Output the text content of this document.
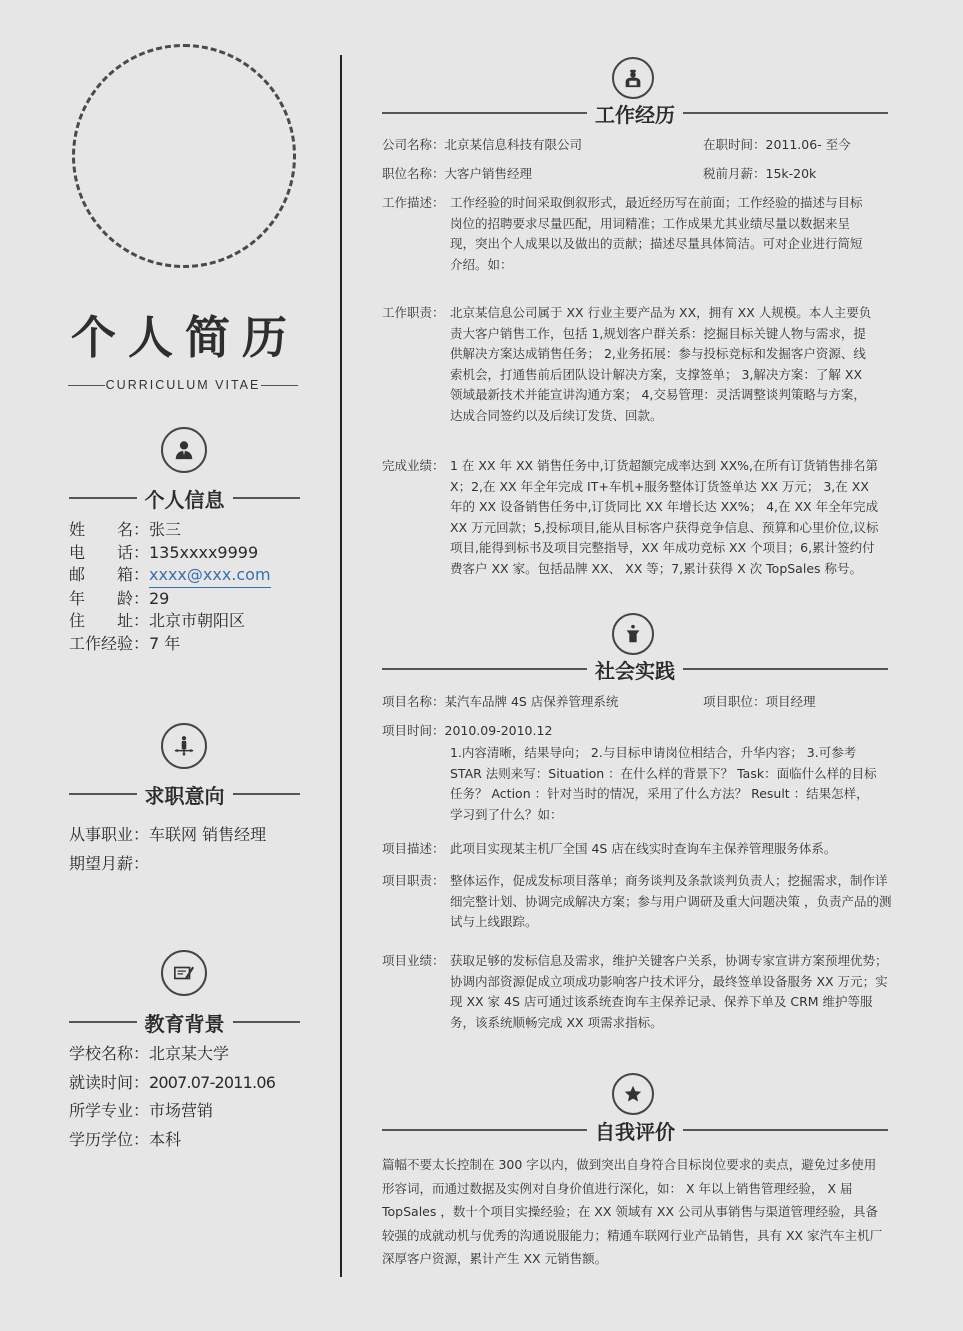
个人简历
CURRICULUM VITAE
个人信息
姓名 ： 张三
电话 ： 135xxxx9999
邮箱 ： xxxx@xxx.com
年龄 ： 29
住址 ： 北京市朝阳区
工作经验 ： 7 年
求职意向
从事职业 ： 车联网 销售经理
期望月薪 ：
教育背景
学校名称 ： 北京某大学
就读时间 ： 2007.07-2011.06
所学专业 ： 市场营销
学历学位 ： 本科
工作经历
公司名称：北京某信息科技有限公司	在职时间：2011.06- 至今
职位名称：大客户销售经理	税前月薪：15k-20k
工作描述： 工作经验的时间采取倒叙形式，最近经历写在前面；工作经验的描述与目标岗位的招聘要求尽量匹配，用词精准；工作成果尤其业绩尽量以数据来呈现，突出个人成果以及做出的贡献；描述尽量具体简洁。可对企业进行简短介绍。如：
工作职责： 北京某信息公司属于 XX 行业主要产品为 XX，拥有 XX 人规模。本人主要负责大客户销售工作，包括 1,规划客户群关系：挖掘目标关键人物与需求，提供解决方案达成销售任务； 2,业务拓展：参与投标竞标和发掘客户资源、线索机会，打通售前后团队设计解决方案，支撑签单； 3,解决方案：了解 XX 领域最新技术并能宣讲沟通方案； 4,交易管理：灵活调整谈判策略与方案，达成合同签约以及后续订发货、回款。
完成业绩： 1 在 XX 年 XX 销售任务中,订货超额完成率达到 XX%,在所有订货销售排名第 X；2,在 XX 年全年完成 IT+车机+服务整体订货签单达 XX 万元； 3,在 XX 年的 XX 设备销售任务中,订货同比 XX 年增长达 XX%； 4,在 XX 年全年完成 XX 万元回款；5,投标项目,能从目标客户获得竞争信息、预算和心里价位,议标项目,能得到标书及项目完整指导，XX 年成功竞标 XX 个项目；6,累计签约付费客户 XX 家。包括品牌 XX、 XX 等；7,累计获得 X 次 TopSales 称号。
社会实践
项目名称：某汽车品牌 4S 店保养管理系统	项目职位：项目经理
项目时间：2010.09-2010.12
1.内容清晰，结果导向； 2.与目标申请岗位相结合，升华内容； 3.可参考 STAR 法则来写：Situation ：在什么样的背景下？ Task：面临什么样的目标任务？ Action ：针对当时的情况，采用了什么方法？ Result ：结果怎样，学习到了什么？如：
项目描述： 此项目实现某主机厂全国 4S 店在线实时查询车主保养管理服务体系。
项目职责： 整体运作，促成发标项目落单；商务谈判及条款谈判负责人；挖掘需求，制作详细完整计划、协调完成解决方案；参与用户调研及重大问题决策 ，负责产品的测试与上线跟踪。
项目业绩： 获取足够的发标信息及需求，维护关键客户关系，协调专家宣讲方案预埋优势；协调内部资源促成立项成功影响客户技术评分，最终签单设备服务 XX 万元；实现 XX 家 4S 店可通过该系统查询车主保养记录、保养下单及 CRM 维护等服务，该系统顺畅完成 XX 项需求指标。
自我评价
篇幅不要太长控制在 300 字以内，做到突出自身符合目标岗位要求的卖点，避免过多使用形容词，而通过数据及实例对自身价值进行深化，如： X 年以上销售管理经验， X 届 TopSales ，数十个项目实操经验；在 XX 领域有 XX 公司从事销售与渠道管理经验，具备较强的成就动机与优秀的沟通说服能力；精通车联网行业产品销售，具有 XX 家汽车主机厂深厚客户资源，累计产生 XX 元销售额。
